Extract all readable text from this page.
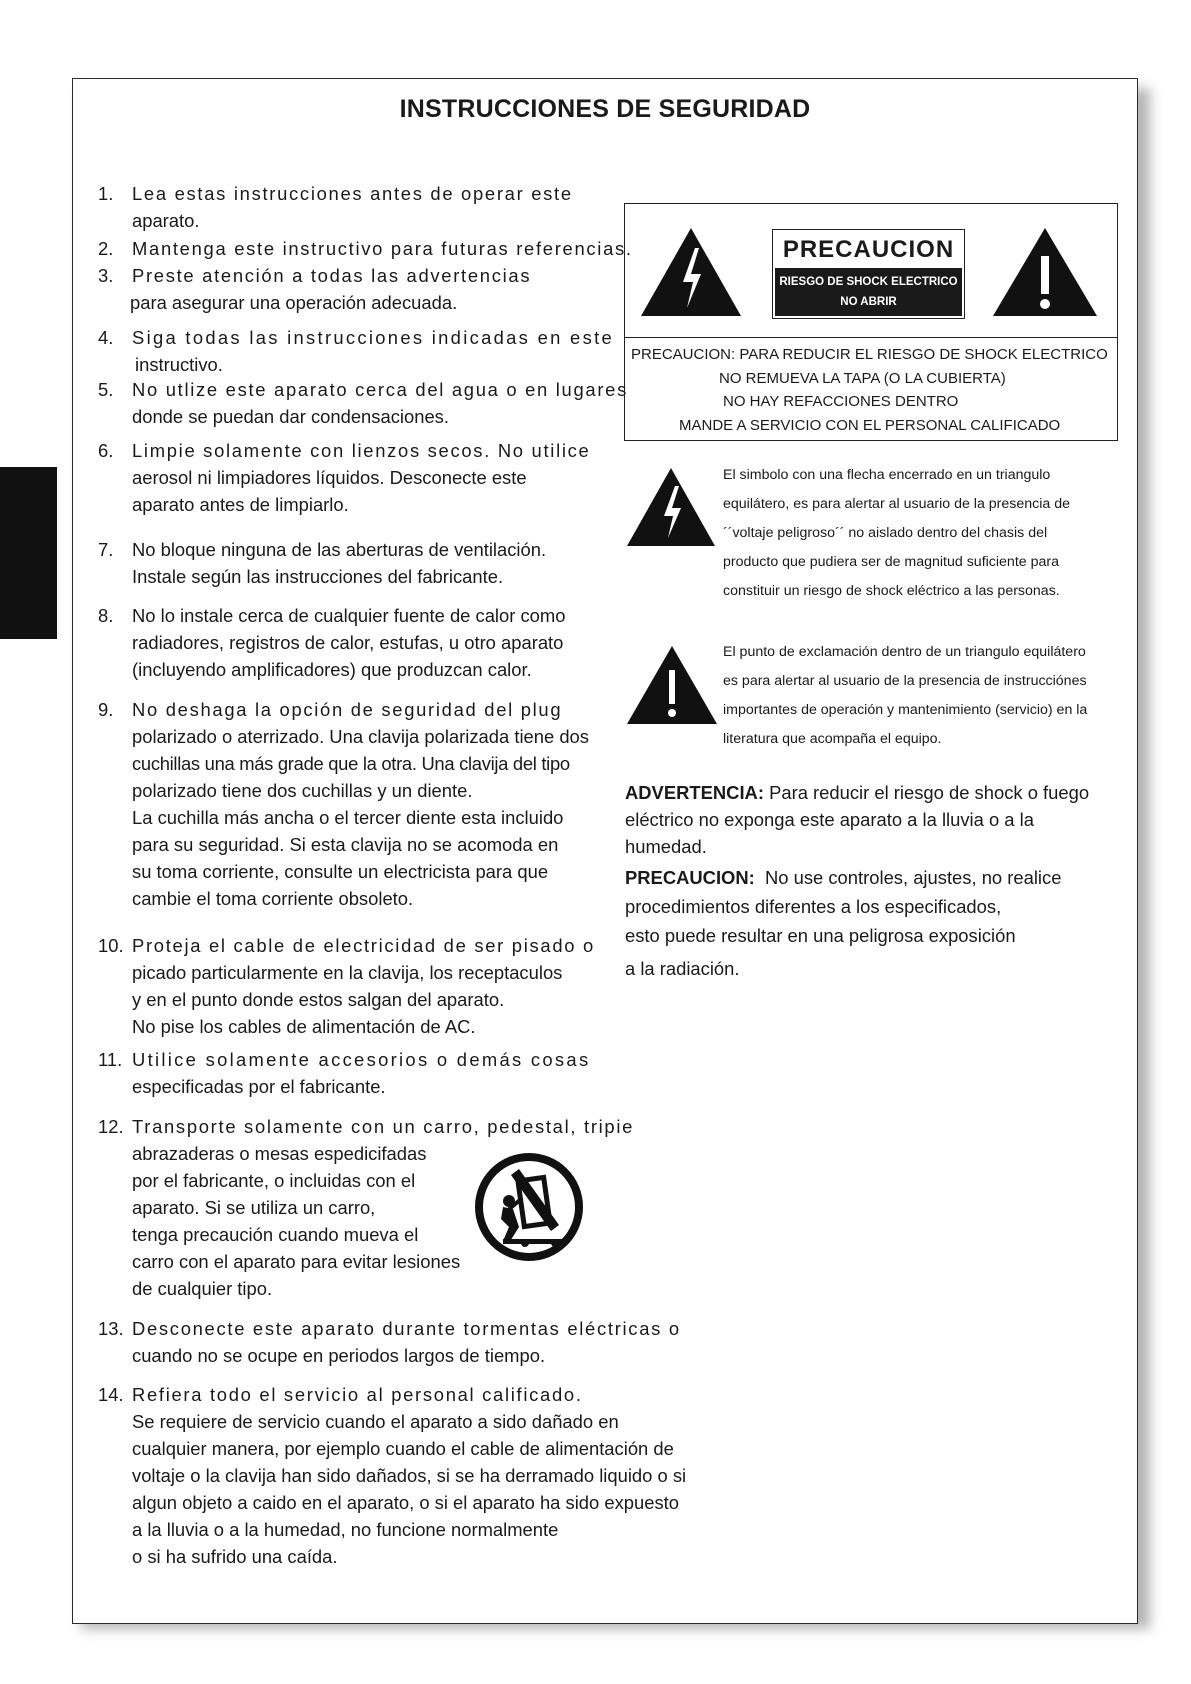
INSTRUCCIONES DE SEGURIDAD
1. Lea estas instrucciones antes de operar este
aparato.
2. Mantenga este instructivo para futuras referencias.
3. Preste atención a todas las advertencias
para asegurar una operación adecuada.
4. Siga todas las instrucciones indicadas en este
instructivo.
5. No utlize este aparato cerca del agua o en lugares
donde se puedan dar condensaciones.
6. Limpie solamente con lienzos secos. No utilice
aerosol ni limpiadores líquidos. Desconecte este
aparato antes de limpiarlo.
7. No bloque ninguna de las aberturas de ventilación.
Instale según las instrucciones del fabricante.
8. No lo instale cerca de cualquier fuente de calor como
radiadores, registros de calor, estufas, u otro aparato
(incluyendo amplificadores) que produzcan calor.
9. No deshaga la opción de seguridad del plug
polarizado o aterrizado. Una clavija polarizada tiene dos
cuchillas una más grade que la otra. Una clavija del tipo
polarizado tiene dos cuchillas y un diente.
La cuchilla más ancha o el tercer diente esta incluido
para su seguridad. Si esta clavija no se acomoda en
su toma corriente, consulte un electricista para que
cambie el toma corriente obsoleto.
10. Proteja el cable de electricidad de ser pisado o
picado particularmente en la clavija, los receptaculos
y en el punto donde estos salgan del aparato.
No pise los cables de alimentación de AC.
11. Utilice solamente accesorios o demás cosas
especificadas por el fabricante.
12. Transporte solamente con un carro, pedestal, tripie
abrazaderas o mesas espedicifadas
por el fabricante, o incluidas con el
aparato. Si se utiliza un carro,
tenga precaución cuando mueva el
carro con el aparato para evitar lesiones
de cualquier tipo.
13. Desconecte este aparato durante tormentas eléctricas o
cuando no se ocupe en periodos largos de tiempo.
14. Refiera todo el servicio al personal calificado.
Se requiere de servicio cuando el aparato a sido dañado en
cualquier manera, por ejemplo cuando el cable de alimentación de
voltaje o la clavija han sido dañados, si se ha derramado liquido o si
algun objeto a caido en el aparato, o si el aparato ha sido expuesto
a la lluvia o a la humedad, no funcione normalmente
o si ha sufrido una caída.
PRECAUCION
RIESGO DE SHOCK ELECTRICO
NO ABRIR
PRECAUCION: PARA REDUCIR EL RIESGO DE SHOCK ELECTRICO
NO REMUEVA LA TAPA (O LA CUBIERTA)
NO HAY REFACCIONES DENTRO
MANDE A SERVICIO CON EL PERSONAL CALIFICADO
El simbolo con una flecha encerrado en un triangulo
equilátero, es para alertar al usuario de la presencia de
´´voltaje peligroso´´ no aislado dentro del chasis del
producto que pudiera ser de magnitud suficiente para
constituir un riesgo de shock eléctrico a las personas.
El punto de exclamación dentro de un triangulo equilátero
es para alertar al usuario de la presencia de instrucciónes
importantes de operación y mantenimiento (servicio) en la
literatura que acompaña el equipo.
ADVERTENCIA: Para reducir el riesgo de shock o fuego
eléctrico no exponga este aparato a la lluvia o a la
humedad.
PRECAUCION:  No use controles, ajustes, no realice
procedimientos diferentes a los especificados,
esto puede resultar en una peligrosa exposición
a la radiación.
